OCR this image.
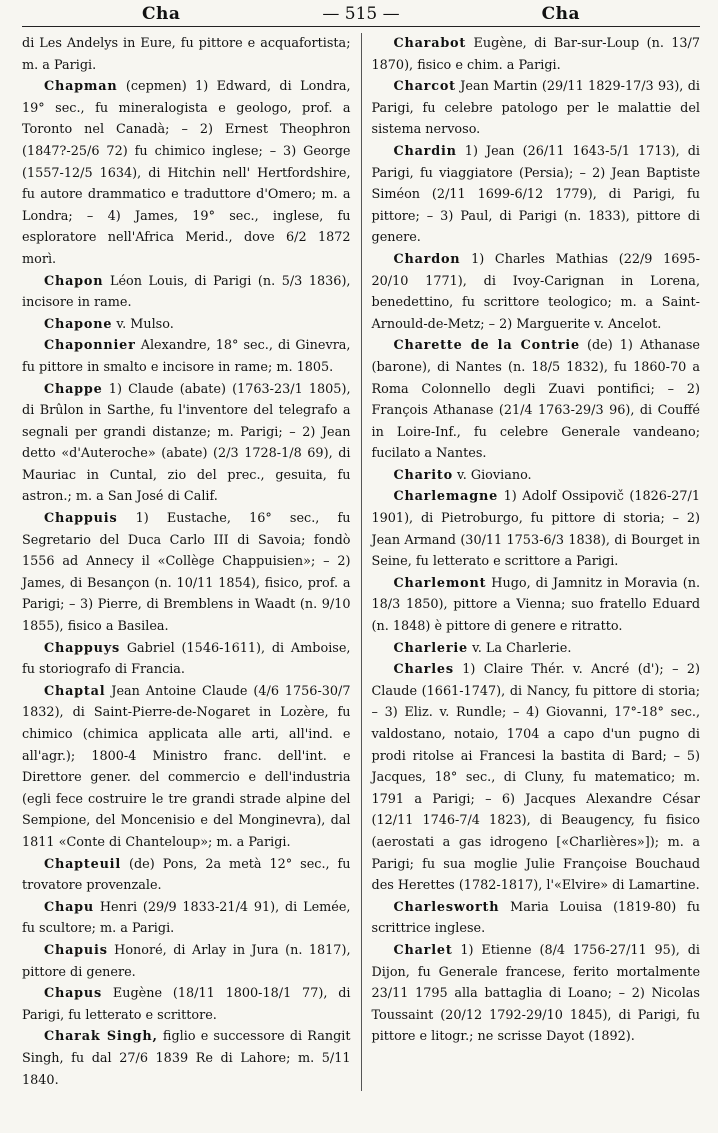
Cha	— 515 —	Cha

di Les Andelys in Eure, fu pittore e acquafortista; m. a Parigi.

Chapman (cepmen) 1) Edward, di Londra, 19° sec., fu mineralogista e geologo, prof. a Toronto nel Canadà; – 2) Ernest Theophron (1847?-25/6 72) fu chimico inglese; – 3) George (1557-12/5 1634), di Hitchin nell' Hertfordshire, fu autore drammatico e traduttore d'Omero; m. a Londra; – 4) James, 19° sec., inglese, fu esploratore nell'Africa Merid., dove 6/2 1872 morì.

Chapon Léon Louis, di Parigi (n. 5/3 1836), incisore in rame.

Chapone v. Mulso.

Chaponnier Alexandre, 18° sec., di Ginevra, fu pittore in smalto e incisore in rame; m. 1805.

Chappe 1) Claude (abate) (1763-23/1 1805), di Brûlon in Sarthe, fu l'inventore del telegrafo a segnali per grandi distanze; m. Parigi; – 2) Jean detto «d'Auteroche» (abate) (2/3 1728-1/8 69), di Mauriac in Cuntal, zio del prec., gesuita, fu astron.; m. a San José di Calif.

Chappuis 1) Eustache, 16° sec., fu Segretario del Duca Carlo III di Savoia; fondò 1556 ad Annecy il «Collège Chappuisien»; – 2) James, di Besançon (n. 10/11 1854), fisico, prof. a Parigi; – 3) Pierre, di Bremblens in Waadt (n. 9/10 1855), fisico a Basilea.

Chappuys Gabriel (1546-1611), di Amboise, fu storiografo di Francia.

Chaptal Jean Antoine Claude (4/6 1756-30/7 1832), di Saint-Pierre-de-Nogaret in Lozère, fu chimico (chimica applicata alle arti, all'ind. e all'agr.); 1800-4 Ministro franc. dell'int. e Direttore gener. del commercio e dell'industria (egli fece costruire le tre grandi strade alpine del Sempione, del Moncenisio e del Monginevra), dal 1811 «Conte di Chanteloup»; m. a Parigi.

Chapteuil (de) Pons, 2a metà 12° sec., fu trovatore provenzale.

Chapu Henri (29/9 1833-21/4 91), di Lemée, fu scultore; m. a Parigi.

Chapuis Honoré, di Arlay in Jura (n. 1817), pittore di genere.

Chapus Eugène (18/11 1800-18/1 77), di Parigi, fu letterato e scrittore.

Charak Singh, figlio e successore di Rangit Singh, fu dal 27/6 1839 Re di Lahore; m. 5/11 1840.

Charabot Eugène, di Bar-sur-Loup (n. 13/7 1870), fisico e chim. a Parigi.

Charcot Jean Martin (29/11 1829-17/3 93), di Parigi, fu celebre patologo per le malattie del sistema nervoso.

Chardin 1) Jean (26/11 1643-5/1 1713), di Parigi, fu viaggiatore (Persia); – 2) Jean Baptiste Siméon (2/11 1699-6/12 1779), di Parigi, fu pittore; – 3) Paul, di Parigi (n. 1833), pittore di genere.

Chardon 1) Charles Mathias (22/9 1695-20/10 1771), di Ivoy-Carignan in Lorena, benedettino, fu scrittore teologico; m. a Saint-Arnould-de-Metz; – 2) Marguerite v. Ancelot.

Charette de la Contrie (de) 1) Athanase (barone), di Nantes (n. 18/5 1832), fu 1860-70 a Roma Colonnello degli Zuavi pontifici; – 2) François Athanase (21/4 1763-29/3 96), di Couffé in Loire-Inf., fu celebre Generale vandeano; fucilato a Nantes.

Charito v. Gioviano.

Charlemagne 1) Adolf Ossipovič (1826-27/1 1901), di Pietroburgo, fu pittore di storia; – 2) Jean Armand (30/11 1753-6/3 1838), di Bourget in Seine, fu letterato e scrittore a Parigi.

Charlemont Hugo, di Jamnitz in Moravia (n. 18/3 1850), pittore a Vienna; suo fratello Eduard (n. 1848) è pittore di genere e ritratto.

Charlerie v. La Charlerie.

Charles 1) Claire Thér. v. Ancré (d'); – 2) Claude (1661-1747), di Nancy, fu pittore di storia; – 3) Eliz. v. Rundle; – 4) Giovanni, 17°-18° sec., valdostano, notaio, 1704 a capo d'un pugno di prodi ritolse ai Francesi la bastita di Bard; – 5) Jacques, 18° sec., di Cluny, fu matematico; m. 1791 a Parigi; – 6) Jacques Alexandre César (12/11 1746-7/4 1823), di Beaugency, fu fisico (aerostati a gas idrogeno [«Charlières»]); m. a Parigi; fu sua moglie Julie Françoise Bouchaud des Herettes (1782-1817), l'«Elvire» di Lamartine.

Charlesworth Maria Louisa (1819-80) fu scrittrice inglese.

Charlet 1) Etienne (8/4 1756-27/11 95), di Dijon, fu Generale francese, ferito mortalmente 23/11 1795 alla battaglia di Loano; – 2) Nicolas Toussaint (20/12 1792-29/10 1845), di Parigi, fu pittore e litogr.; ne scrisse Dayot (1892).
